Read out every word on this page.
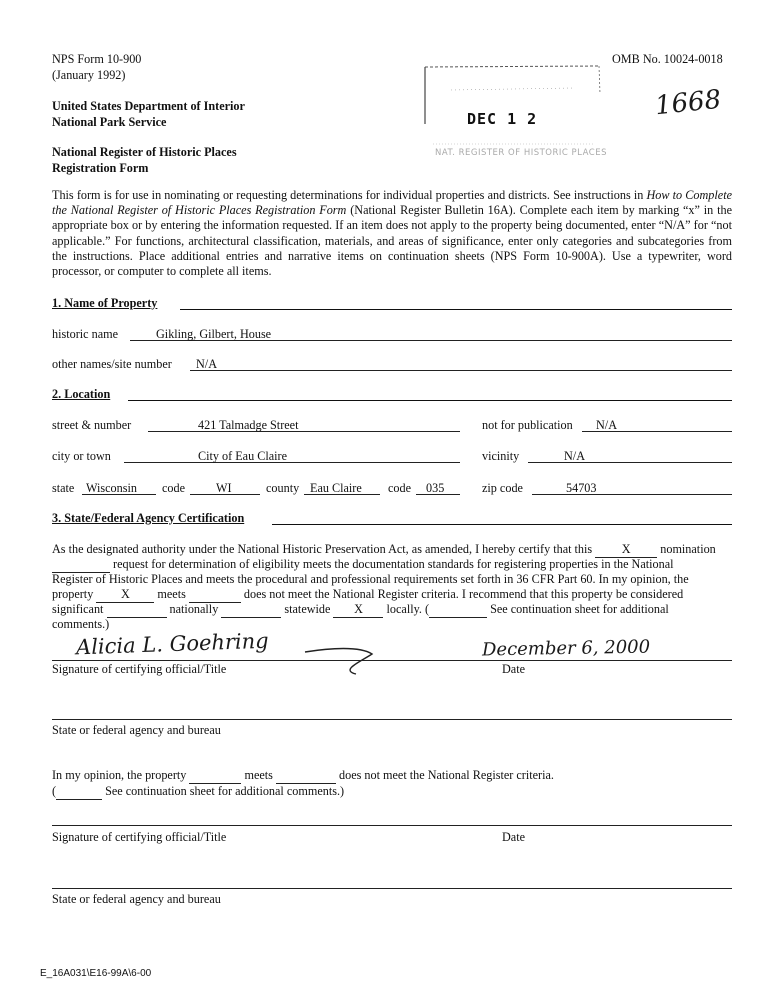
NPS Form 10-900
(January 1992)
OMB No. 10024-0018
United States Department of Interior
National Park Service
National Register of Historic Places
Registration Form
DEC 1 2
NAT. REGISTER OF HISTORIC PLACES
1668
This form is for use in nominating or requesting determinations for individual properties and districts. See instructions in How to Complete the National Register of Historic Places Registration Form (National Register Bulletin 16A). Complete each item by marking “x” in the appropriate box or by entering the information requested. If an item does not apply to the property being documented, enter “N/A” for “not applicable.” For functions, architectural classification, materials, and areas of significance, enter only categories and subcategories from the instructions. Place additional entries and narrative items on continuation sheets (NPS Form 10-900A). Use a typewriter, word processor, or computer to complete all items.
1. Name of Property
historic name	Gikling, Gilbert, House
other names/site number N/A
2. Location
street & number	421 Talmadge Street	not for publication N/A
city or town	City of Eau Claire	vicinity	N/A
state Wisconsin code	WI	county Eau Claire code 035	zip code	54703
3. State/Federal Agency Certification
As the designated authority under the National Historic Preservation Act, as amended, I hereby certify that this X nomination
request for determination of eligibility meets the documentation standards for registering properties in the National
Register of Historic Places and meets the procedural and professional requirements set forth in 36 CFR Part 60. In my opinion, the
property X meets	does not meet the National Register criteria. I recommend that this property be considered
significant	nationally	statewide X locally. (	See continuation sheet for additional
comments.)
Alicia L. Goehring	December 6, 2000
Signature of certifying official/Title	Date
State or federal agency and bureau
In my opinion, the property	meets	does not meet the National Register criteria.
(	See continuation sheet for additional comments.)
Signature of certifying official/Title	Date
State or federal agency and bureau
E_16A031\E16-99A\6-00
